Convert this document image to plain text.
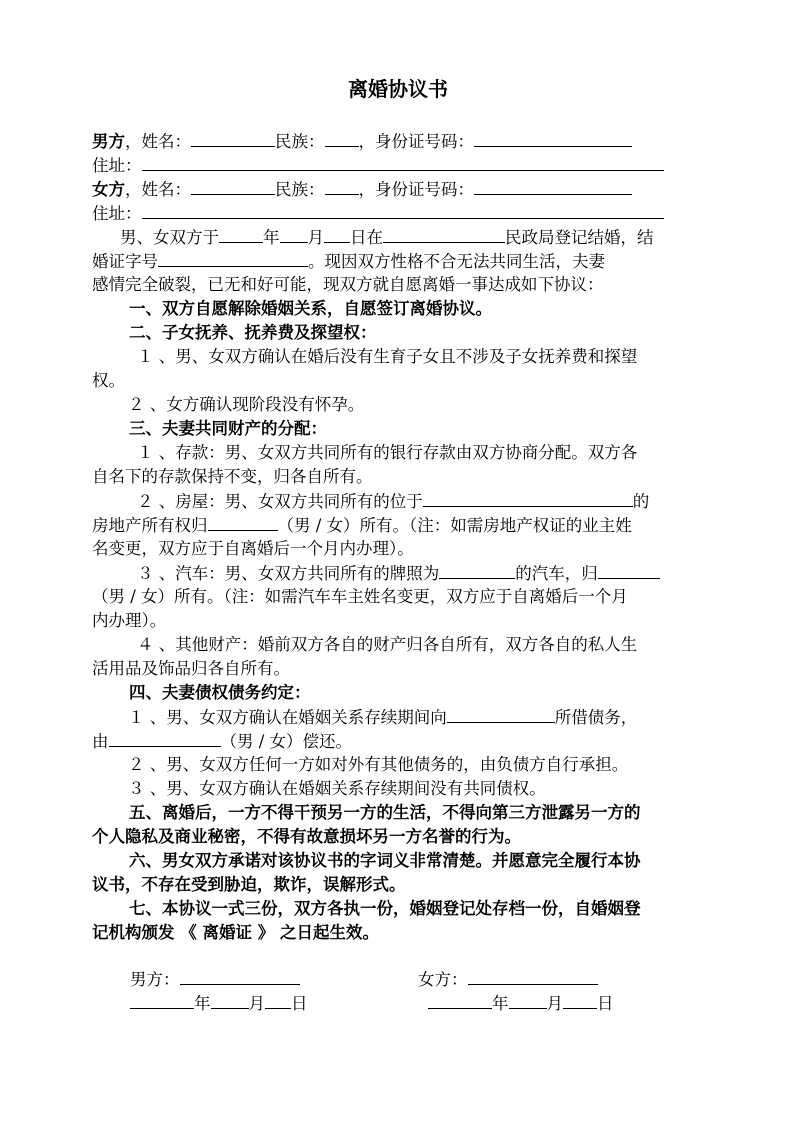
离婚协议书
男方，姓名：	民族： ，身份证号码：
住址：
女方，姓名：	民族： ，身份证号码：
住址：
男、女双方于	年 月 日在	民政局登记结婚，结
婚证字号	。现因双方性格不合无法共同生活，夫妻
感情完全破裂，已无和好可能，现双方就自愿离婚一事达成如下协议：
一、双方自愿解除婚姻关系，自愿签订离婚协议。
二、子女抚养、抚养费及探望权：
１ 、男、女双方确认在婚后没有生育子女且不涉及子女抚养费和探望
权。
２ 、女方确认现阶段没有怀孕。
三、夫妻共同财产的分配：
１ 、存款：男、女双方共同所有的银行存款由双方协商分配。双方各
自名下的存款保持不变，归各自所有。
２ 、房屋：男、女双方共同所有的位于	的
房地产所有权归	（男 / 女）所有。（注：如需房地产权证的业主姓
名变更，双方应于自离婚后一个月内办理）。
３ 、汽车：男、女双方共同所有的牌照为	的汽车，归
（男 / 女）所有。（注：如需汽车车主姓名变更，双方应于自离婚后一个月
内办理）。
４ 、其他财产：婚前双方各自的财产归各自所有，双方各自的私人生
活用品及饰品归各自所有。
四、夫妻债权债务约定：
１ 、男、女双方确认在婚姻关系存续期间向	所借债务，
由	（男 / 女）偿还。
２ 、男、女双方任何一方如对外有其他债务的，由负债方自行承担。
３ 、男、女双方确认在婚姻关系存续期间没有共同债权。
五、离婚后，一方不得干预另一方的生活，不得向第三方泄露另一方的
个人隐私及商业秘密，不得有故意损坏另一方名誉的行为。
六、男女双方承诺对该协议书的字词义非常清楚。并愿意完全履行本协
议书，不存在受到胁迫，欺诈，误解形式。
七、本协议一式三份，双方各执一份，婚姻登记处存档一份，自婚姻登
记机构颁发 《 离婚证 》 之日起生效。
男方：	女方：
年 月 日	年 月 日
